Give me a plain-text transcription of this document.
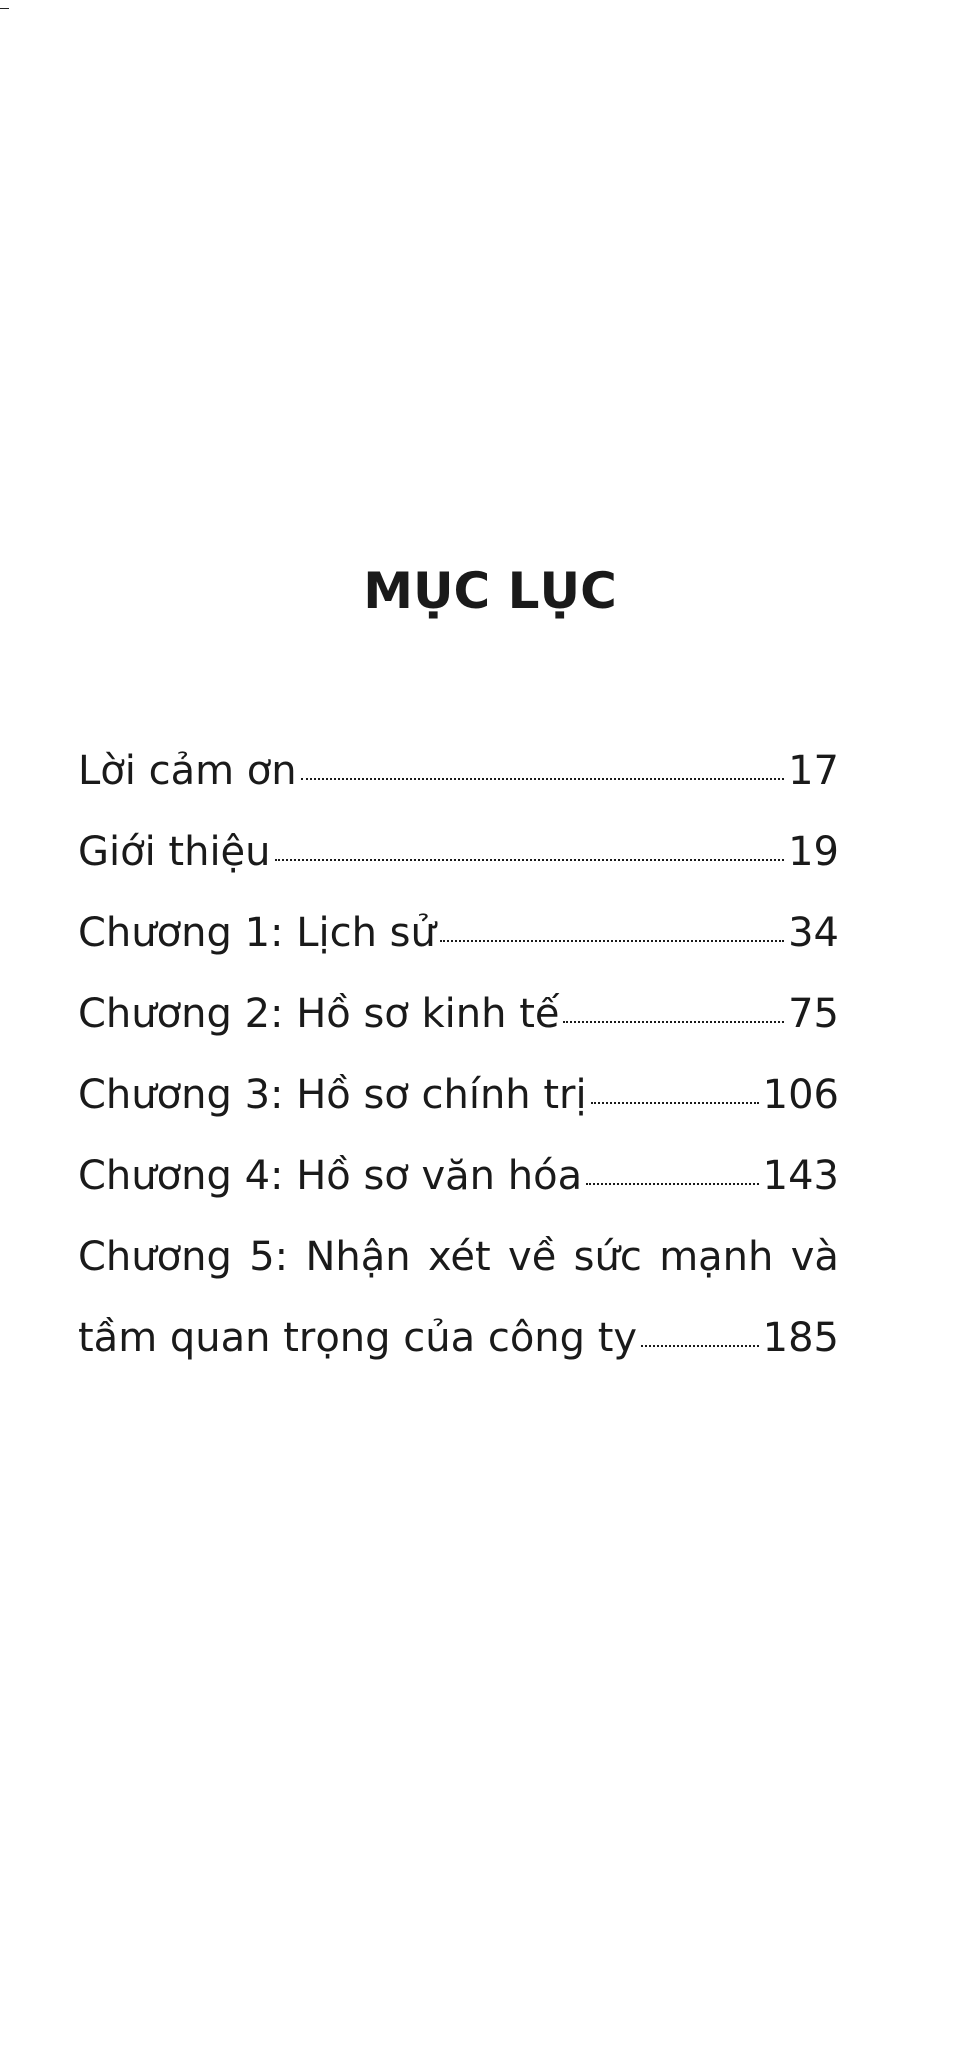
MỤC LỤC
Lời cảm ơn	17
Giới thiệu	19
Chương 1: Lịch sử	34
Chương 2: Hồ sơ kinh tế	75
Chương 3: Hồ sơ chính trị	106
Chương 4: Hồ sơ văn hóa	143
Chương 5: Nhận xét về sức mạnh và
tầm quan trọng của công ty	185
